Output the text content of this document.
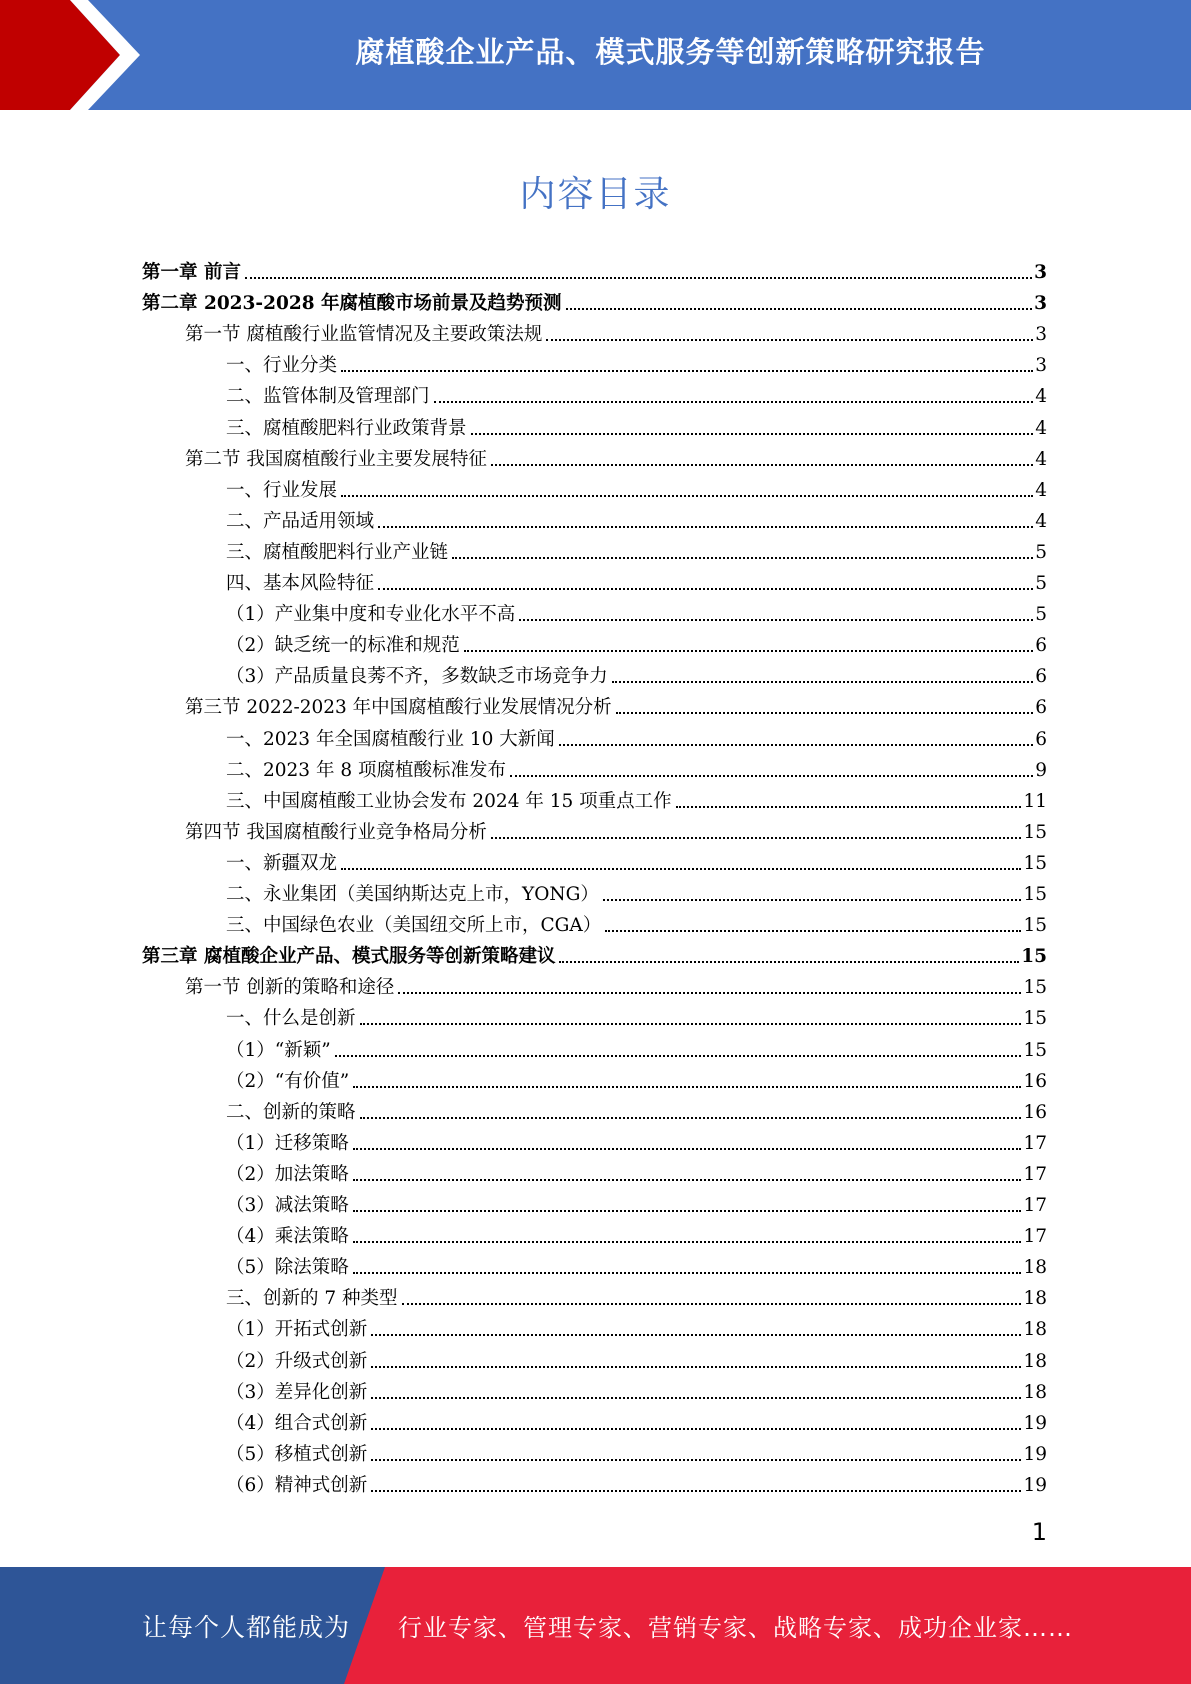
腐植酸企业产品、模式服务等创新策略研究报告
内容目录
第一章 前言	3
第二章 2023-2028 年腐植酸市场前景及趋势预测	3
第一节 腐植酸行业监管情况及主要政策法规	3
一、行业分类	3
二、监管体制及管理部门	4
三、腐植酸肥料行业政策背景	4
第二节 我国腐植酸行业主要发展特征	4
一、行业发展	4
二、产品适用领域	4
三、腐植酸肥料行业产业链	5
四、基本风险特征	5
（1）产业集中度和专业化水平不高	5
（2）缺乏统一的标准和规范	6
（3）产品质量良莠不齐，多数缺乏市场竞争力	6
第三节 2022-2023 年中国腐植酸行业发展情况分析	6
一、2023 年全国腐植酸行业 10 大新闻	6
二、2023 年 8 项腐植酸标准发布	9
三、中国腐植酸工业协会发布 2024 年 15 项重点工作	11
第四节 我国腐植酸行业竞争格局分析	15
一、新疆双龙	15
二、永业集团（美国纳斯达克上市，YONG）	15
三、中国绿色农业（美国纽交所上市，CGA）	15
第三章 腐植酸企业产品、模式服务等创新策略建议	15
第一节 创新的策略和途径	15
一、什么是创新	15
（1）“新颖”	15
（2）“有价值”	16
二、创新的策略	16
（1）迁移策略	17
（2）加法策略	17
（3）减法策略	17
（4）乘法策略	17
（5）除法策略	18
三、创新的 7 种类型	18
（1）开拓式创新	18
（2）升级式创新	18
（3）差异化创新	18
（4）组合式创新	19
（5）移植式创新	19
（6）精神式创新	19
1
让每个人都能成为 行业专家、管理专家、营销专家、战略专家、成功企业家……
